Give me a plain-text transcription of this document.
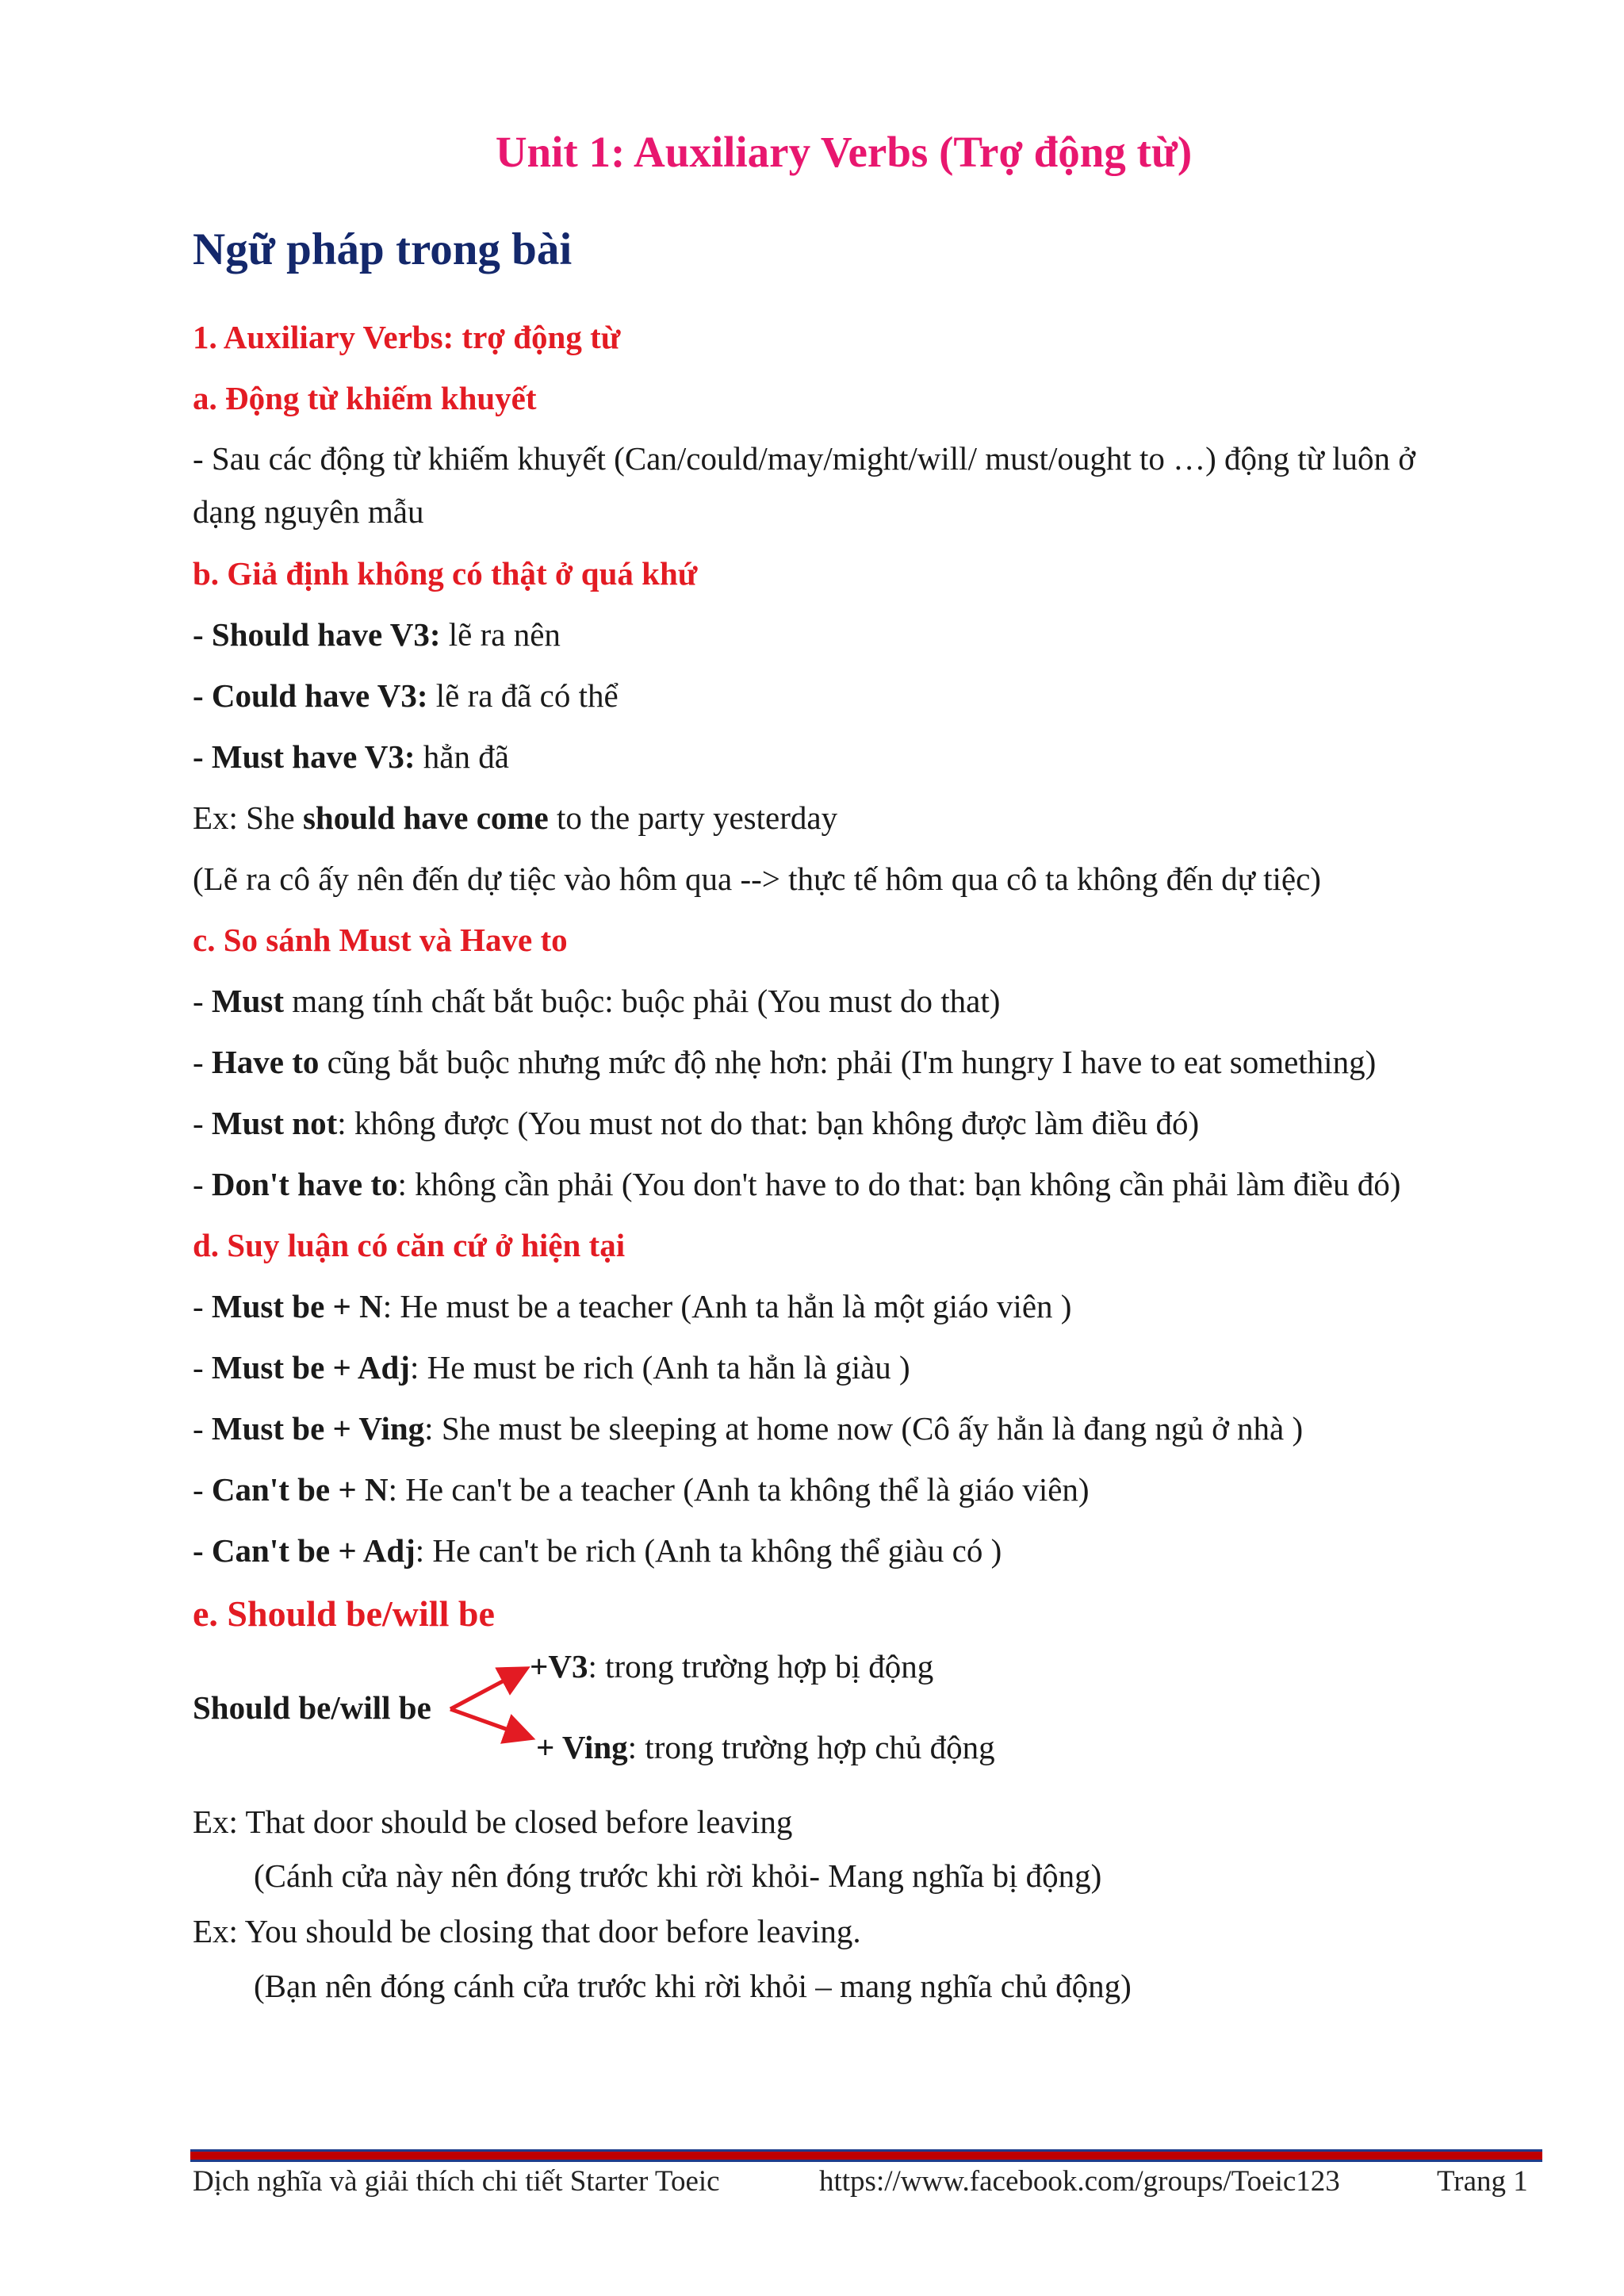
Unit 1: Auxiliary Verbs (Trợ động từ)
Ngữ pháp trong bài
1. Auxiliary Verbs: trợ động từ
a. Động từ khiếm khuyết
- Sau các động từ khiếm khuyết (Can/could/may/might/will/ must/ought to …) động từ luôn ở
dạng nguyên mẫu
b. Giả định không có thật ở quá khứ
- Should have V3: lẽ ra nên
- Could have V3: lẽ ra đã có thể
- Must have V3: hẳn đã
Ex: She should have come to the party yesterday
(Lẽ ra cô ấy nên đến dự tiệc vào hôm qua --> thực tế hôm qua cô ta không đến dự tiệc)
c. So sánh Must và Have to
- Must mang tính chất bắt buộc: buộc phải (You must do that)
- Have to cũng bắt buộc nhưng mức độ nhẹ hơn: phải (I'm hungry I have to eat something)
- Must not: không được (You must not do that: bạn không được làm điều đó)
- Don't have to: không cần phải (You don't have to do that: bạn không cần phải làm điều đó)
d. Suy luận có căn cứ ở hiện tại
- Must be + N: He must be a teacher (Anh ta hẳn là một giáo viên )
- Must be + Adj: He must be rich (Anh ta hẳn là giàu )
- Must be + Ving: She must be sleeping at home now (Cô ấy hẳn là đang ngủ ở nhà )
- Can't be + N: He can't be a teacher (Anh ta không thể là giáo viên)
- Can't be + Adj: He can't be rich (Anh ta không thể giàu có )
e. Should be/will be
+V3: trong trường hợp bị động
Should be/will be
+ Ving: trong trường hợp chủ động
Ex: That door should be closed before leaving
(Cánh cửa này nên đóng trước khi rời khỏi- Mang nghĩa bị động)
Ex: You should be closing that door before leaving.
(Bạn nên đóng cánh cửa trước khi rời khỏi – mang nghĩa chủ động)
Dịch nghĩa và giải thích chi tiết Starter Toeic	https://www.facebook.com/groups/Toeic123	Trang 1
